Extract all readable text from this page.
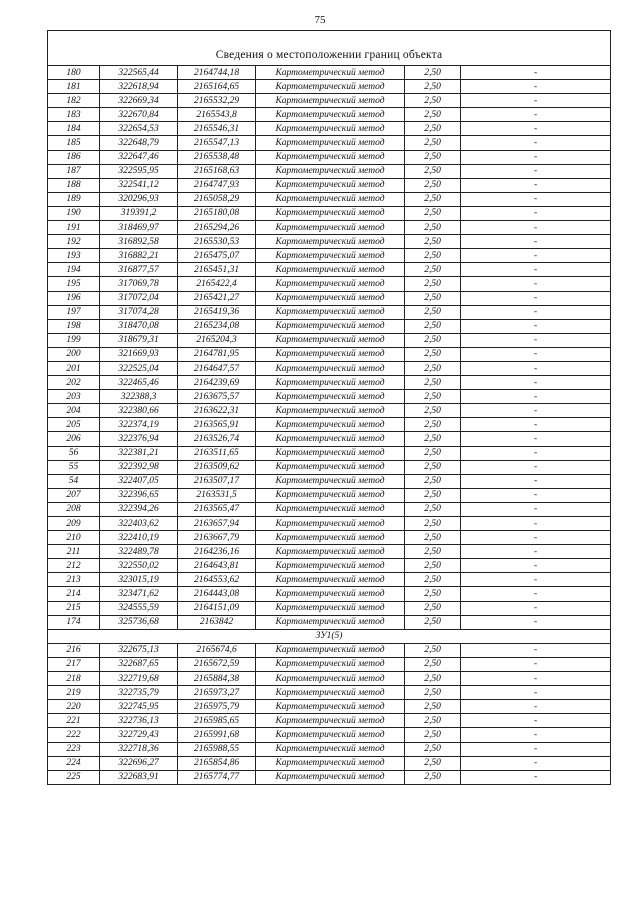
75
Сведения о местоположении границ объекта					
180	322565,44	2164744,18	Картометрический метод	2,50	-
181	322618,94	2165164,65	Картометрический метод	2,50	-
182	322669,34	2165532,29	Картометрический метод	2,50	-
183	322670,84	2165543,8	Картометрический метод	2,50	-
184	322654,53	2165546,31	Картометрический метод	2,50	-
185	322648,79	2165547,13	Картометрический метод	2,50	-
186	322647,46	2165538,48	Картометрический метод	2,50	-
187	322595,95	2165168,63	Картометрический метод	2,50	-
188	322541,12	2164747,93	Картометрический метод	2,50	-
189	320296,93	2165058,29	Картометрический метод	2,50	-
190	319391,2	2165180,08	Картометрический метод	2,50	-
191	318469,97	2165294,26	Картометрический метод	2,50	-
192	316892,58	2165530,53	Картометрический метод	2,50	-
193	316882,21	2165475,07	Картометрический метод	2,50	-
194	316877,57	2165451,31	Картометрический метод	2,50	-
195	317069,78	2165422,4	Картометрический метод	2,50	-
196	317072,04	2165421,27	Картометрический метод	2,50	-
197	317074,28	2165419,36	Картометрический метод	2,50	-
198	318470,08	2165234,08	Картометрический метод	2,50	-
199	318679,31	2165204,3	Картометрический метод	2,50	-
200	321669,93	2164781,95	Картометрический метод	2,50	-
201	322525,04	2164647,57	Картометрический метод	2,50	-
202	322465,46	2164239,69	Картометрический метод	2,50	-
203	322388,3	2163675,57	Картометрический метод	2,50	-
204	322380,66	2163622,31	Картометрический метод	2,50	-
205	322374,19	2163565,91	Картометрический метод	2,50	-
206	322376,94	2163526,74	Картометрический метод	2,50	-
56	322381,21	2163511,65	Картометрический метод	2,50	-
55	322392,98	2163509,62	Картометрический метод	2,50	-
54	322407,05	2163507,17	Картометрический метод	2,50	-
207	322396,65	2163531,5	Картометрический метод	2,50	-
208	322394,26	2163565,47	Картометрический метод	2,50	-
209	322403,62	2163657,94	Картометрический метод	2,50	-
210	322410,19	2163667,79	Картометрический метод	2,50	-
211	322489,78	2164236,16	Картометрический метод	2,50	-
212	322550,02	2164643,81	Картометрический метод	2,50	-
213	323015,19	2164553,62	Картометрический метод	2,50	-
214	323471,62	2164443,08	Картометрический метод	2,50	-
215	324555,59	2164151,09	Картометрический метод	2,50	-
174	325736,68	2163842	Картометрический метод	2,50	-
ЗУ1(5)					
216	322675,13	2165674,6	Картометрический метод	2,50	-
217	322687,65	2165672,59	Картометрический метод	2,50	-
218	322719,68	2165884,38	Картометрический метод	2,50	-
219	322735,79	2165973,27	Картометрический метод	2,50	-
220	322745,95	2165975,79	Картометрический метод	2,50	-
221	322736,13	2165985,65	Картометрический метод	2,50	-
222	322729,43	2165991,68	Картометрический метод	2,50	-
223	322718,36	2165988,55	Картометрический метод	2,50	-
224	322696,27	2165854,86	Картометрический метод	2,50	-
225	322683,91	2165774,77	Картометрический метод	2,50	-
